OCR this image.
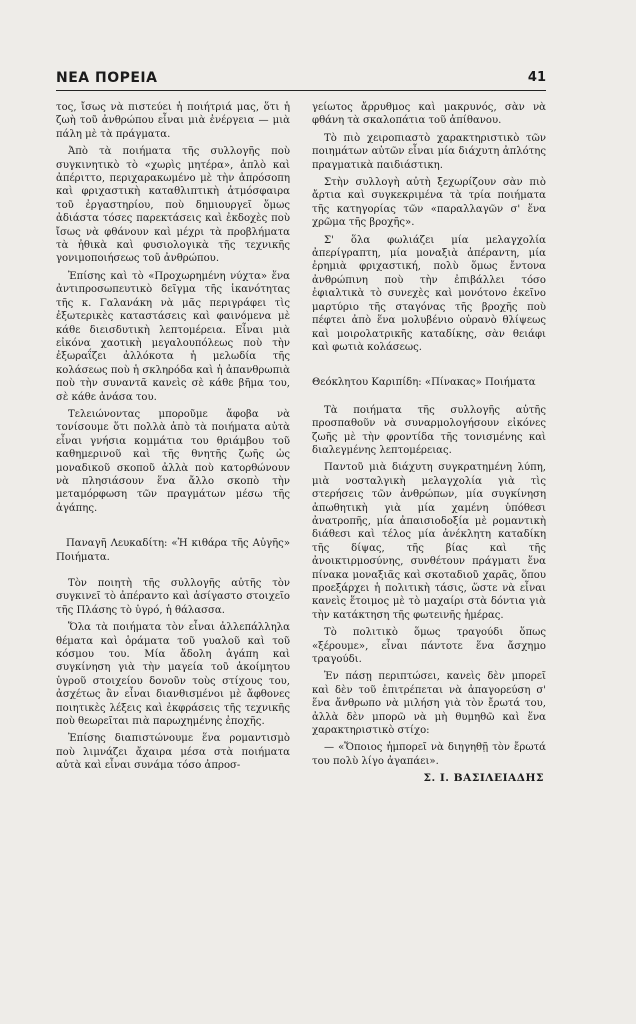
ΝΕΑ ΠΟΡΕΙΑ	41

τος, ἴσως νὰ πιστεύει ἡ ποιήτριά μας, ὅτι ἡ ζωὴ τοῦ ἀνθρώπου εἶναι μιὰ ἐνέργεια — μιὰ πάλη μὲ τὰ πράγματα.

Ἀπὸ τὰ ποιήματα τῆς συλλογῆς ποὺ συγκινητικὸ τὸ «χωρὶς μητέρα», ἁπλὸ καὶ ἀπέριττο, περιχαρακωμένο μὲ τὴν ἀπρόσοπη καὶ φριχαστικὴ καταθλιπτικὴ ἀτμόσφαιρα τοῦ ἐργαστηρίου, ποὺ δημιουργεῖ ὅμως ἀδιάστα τόσες παρεκτάσεις καὶ ἐκδοχὲς ποὺ ἴσως νὰ φθάνουν καὶ μέχρι τὰ προβλήματα τὰ ἠθικὰ καὶ φυσιολογικὰ τῆς τεχνικῆς γονιμοποιήσεως τοῦ ἀνθρώπου.

Ἐπίσης καὶ τὸ «Προχωρημένη νύχτα» ἕνα ἀντιπροσωπευτικὸ δεῖγμα τῆς ἱκανότητας τῆς κ. Γαλανάκη νὰ μᾶς περιγράφει τὶς ἐξωτερικὲς καταστάσεις καὶ φαινόμενα μὲ κάθε διεισδυτικὴ λεπτομέρεια. Εἶναι μιὰ εἰκόνα χαοτικὴ μεγαλουπόλεως ποὺ τὴν ἐξωραΐζει ἀλλόκοτα ἡ μελωδία τῆς κολάσεως ποὺ ἡ σκληρόδα καὶ ἡ ἀπανθρωπιὰ ποὺ τὴν συναντᾶ κανεὶς σὲ κάθε βῆμα του, σὲ κάθε ἀνάσα του.

Τελειώνοντας μποροῦμε ἄφοβα νὰ τονίσουμε ὅτι πολλὰ ἀπὸ τὰ ποιήματα αὐτὰ εἶναι γνήσια κομμάτια του θριάμβου τοῦ καθημερινοῦ καὶ τῆς θνητῆς ζωῆς ὡς μοναδικοῦ σκοποῦ ἀλλὰ ποὺ κατορθώνουν νὰ πλησιάσουν ἕνα ἄλλο σκοπὸ τὴν μεταμόρφωση τῶν πραγμάτων μέσω τῆς ἀγάπης.

Παναγῆ Λευκαδίτη: «Ἡ κιθάρα τῆς Αὐγῆς» Ποιήματα.

Τὸν ποιητὴ τῆς συλλογῆς αὐτῆς τὸν συγκινεῖ τὸ ἀπέραντο καὶ ἀσίγαστο στοιχεῖο τῆς Πλάσης τὸ ὑγρό, ἡ θάλασσα.

Ὅλα τὰ ποιήματα τὸν εἶναι ἀλλεπάλληλα θέματα καὶ ὁράματα τοῦ γυαλοῦ καὶ τοῦ κόσμου του. Μία ἄδολη ἀγάπη καὶ συγκίνηση γιὰ τὴν μαγεία τοῦ ἀκοίμητου ὑγροῦ στοιχείου δονοῦν τοὺς στίχους του, ἀσχέτως ἂν εἶναι διανθισμένοι μὲ ἄφθονες ποιητικὲς λέξεις καὶ ἐκφράσεις τῆς τεχνικῆς ποὺ θεωρεῖται πιὰ παρωχημένης ἐποχῆς.

Ἐπίσης διαπιστώνουμε ἕνα ρομαντισμὸ ποὺ λιμνάζει ἄχαιρα μέσα στὰ ποιήματα αὐτὰ καὶ εἶναι συνάμα τόσο ἀπροσ-

γείωτος ἄρρυθμος καὶ μακρυνός, σὰν νὰ φθάνη τὰ σκαλοπάτια τοῦ ἀπίθανου.

Τὸ πιὸ χειροπιαστὸ χαρακτηριστικὸ τῶν ποιημάτων αὐτῶν εἶναι μία διάχυτη ἀπλότης πραγματικὰ παιδιάστικη.

Στὴν συλλογὴ αὐτὴ ξεχωρίζουν σὰν πιὸ ἄρτια καὶ συγκεκριμένα τὰ τρία ποιήματα τῆς κατηγορίας τῶν «παραλλαγῶν σ' ἕνα χρῶμα τῆς βροχῆς».

Σ' ὅλα φωλιάζει μία μελαγχολία ἀπερίγραπτη, μία μοναξιὰ ἀπέραντη, μία ἐρημιὰ φριχαστική, πολὺ ὅμως ἔντονα ἀνθρώπινη ποὺ τὴν ἐπιβάλλει τόσο ἐφιαλτικὰ τὸ συνεχὲς καὶ μονότονο ἐκεῖνο μαρτύριο τῆς σταγόνας τῆς βροχῆς ποὺ πέφτει ἀπὸ ἕνα μολυβένιο οὐρανὸ θλίψεως καὶ μοιρολατρικῆς καταδίκης, σὰν θειάφι καὶ φωτιὰ κολάσεως.

Θεόκλητου Καριπίδη: «Πίνακας» Ποιήματα

Τὰ ποιήματα τῆς συλλογῆς αὐτῆς προσπαθοῦν νὰ συναρμολογήσουν εἰκόνες ζωῆς μὲ τὴν φροντίδα τῆς τονισμένης καὶ διαλεγμένης λεπτομέρειας.

Παντοῦ μιὰ διάχυτη συγκρατημένη λύπη, μιὰ νοσταλγικὴ μελαγχολία γιὰ τὶς στερήσεις τῶν ἀνθρώπων, μία συγκίνηση ἀπωθητικὴ γιὰ μία χαμένη ὑπόθεσι ἀνατροπῆς, μία ἀπαισιοδοξία μὲ ρομαντικὴ διάθεσι καὶ τέλος μία ἀνέκλητη καταδίκη τῆς δίψας, τῆς βίας καὶ τῆς ἀνοικτιρμοσύνης, συνθέτουν πράγματι ἕνα πίνακα μοναξιᾶς καὶ σκοταδιοῦ χαρᾶς, ὅπου προεξάρχει ἡ πολιτικὴ τάσις, ὥστε νὰ εἶναι κανεὶς ἕτοιμος μὲ τὸ μαχαίρι στὰ δόντια γιὰ τὴν κατάκτηση τῆς φωτεινῆς ἡμέρας.

Τὸ πολιτικὸ ὅμως τραγούδι ὅπως «ξέρουμε», εἶναι πάντοτε ἕνα ἄσχημο τραγούδι.

Ἐν πάσῃ περιπτώσει, κανεὶς δὲν μπορεῖ καὶ δὲν τοῦ ἐπιτρέπεται νὰ ἀπαγορεύση σ' ἕνα ἄνθρωπο νὰ μιλήση γιὰ τὸν ἔρωτά του, ἀλλὰ δὲν μπορῶ νὰ μὴ θυμηθῶ καὶ ἕνα χαρακτηριστικὸ στίχο:

— «Ὅποιος ἠμπορεῖ νὰ διηγηθῇ τὸν ἔρωτά του πολὺ λίγο ἀγαπάει».

Σ. Ι. ΒΑΣΙΛΕΙΑΔΗΣ
